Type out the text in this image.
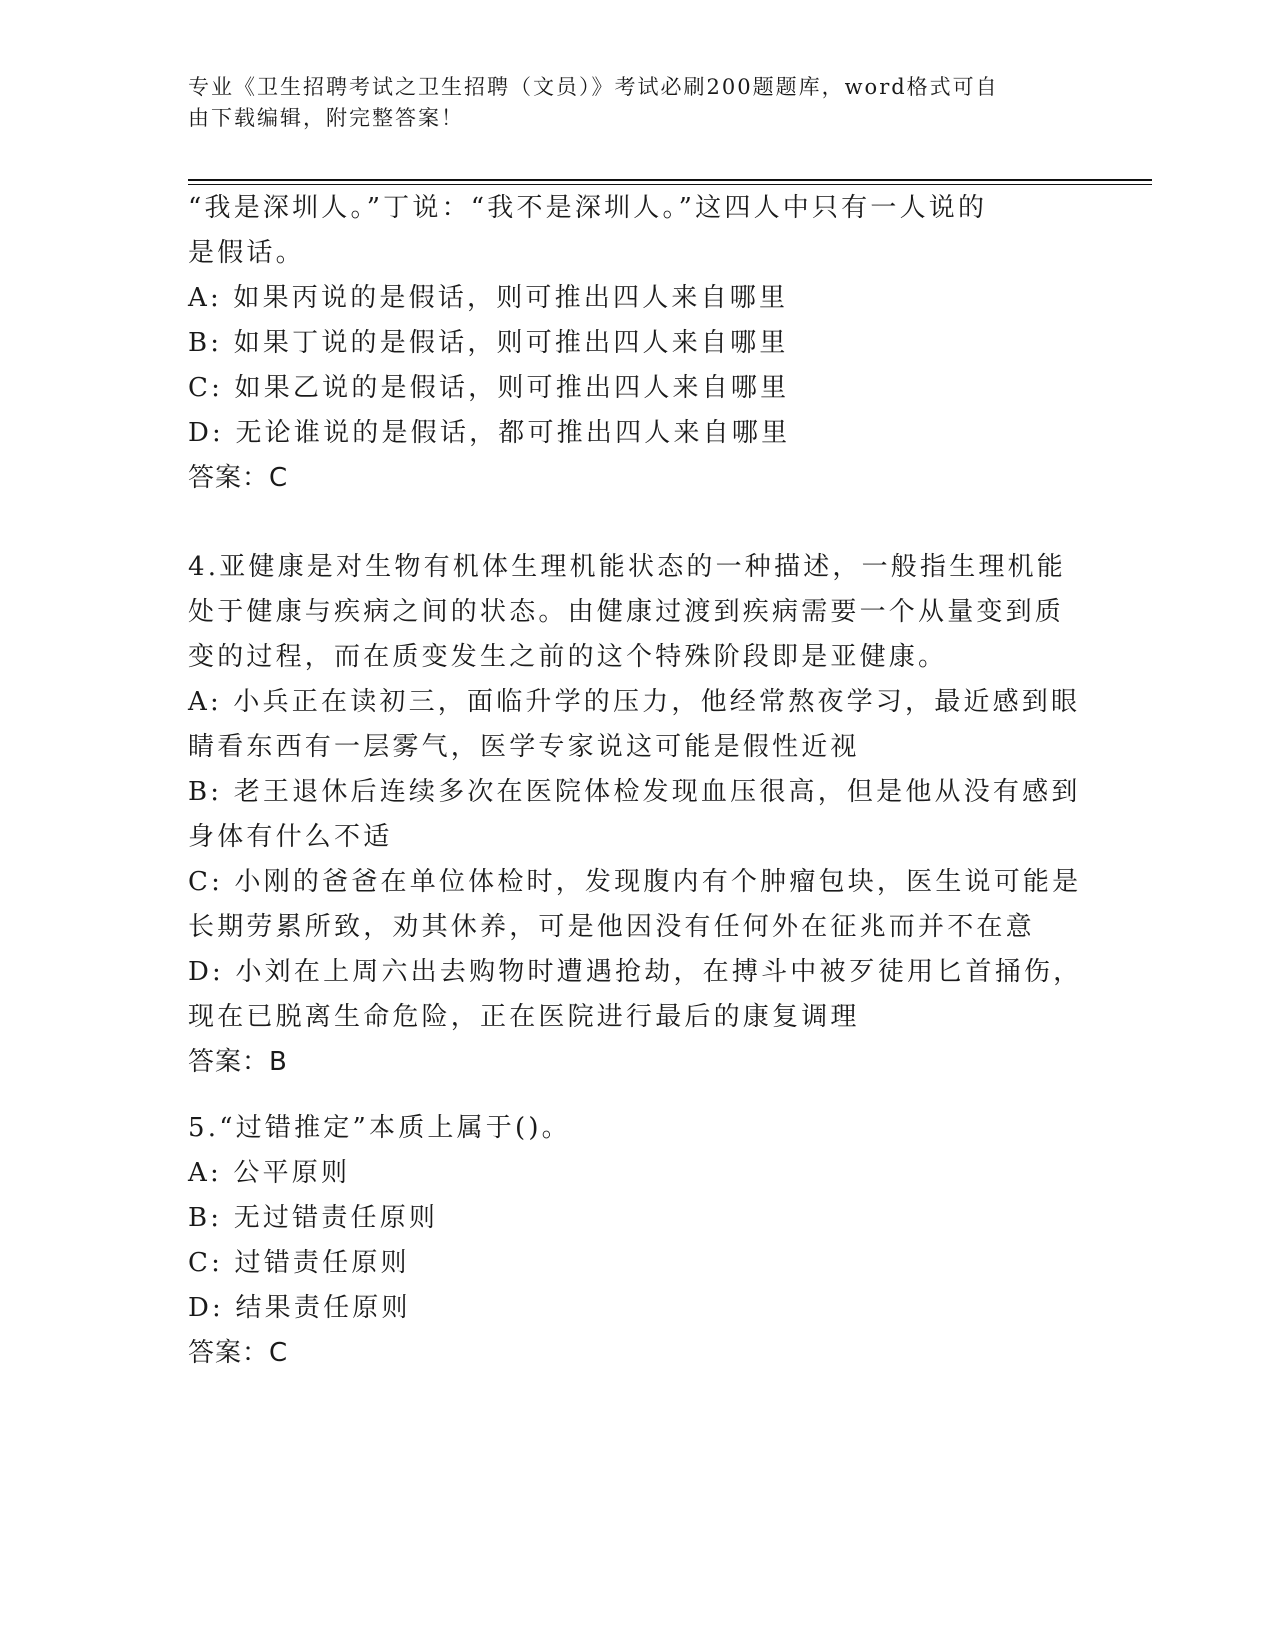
专业《卫生招聘考试之卫生招聘（文员）》考试必刷200题题库，word格式可自
由下载编辑，附完整答案！
“我是深圳人。”丁说：“我不是深圳人。”这四人中只有一人说的
是假话。
A: 如果丙说的是假话，则可推出四人来自哪里
B: 如果丁说的是假话，则可推出四人来自哪里
C: 如果乙说的是假话，则可推出四人来自哪里
D: 无论谁说的是假话，都可推出四人来自哪里
答案：C
4.亚健康是对生物有机体生理机能状态的一种描述，一般指生理机能
处于健康与疾病之间的状态。由健康过渡到疾病需要一个从量变到质
变的过程，而在质变发生之前的这个特殊阶段即是亚健康。
A: 小兵正在读初三，面临升学的压力，他经常熬夜学习，最近感到眼
睛看东西有一层雾气，医学专家说这可能是假性近视
B: 老王退休后连续多次在医院体检发现血压很高，但是他从没有感到
身体有什么不适
C: 小刚的爸爸在单位体检时，发现腹内有个肿瘤包块，医生说可能是
长期劳累所致，劝其休养，可是他因没有任何外在征兆而并不在意
D: 小刘在上周六出去购物时遭遇抢劫，在搏斗中被歹徒用匕首捅伤，
现在已脱离生命危险，正在医院进行最后的康复调理
答案：B
5.“过错推定”本质上属于()。
A: 公平原则
B: 无过错责任原则
C: 过错责任原则
D: 结果责任原则
答案：C
